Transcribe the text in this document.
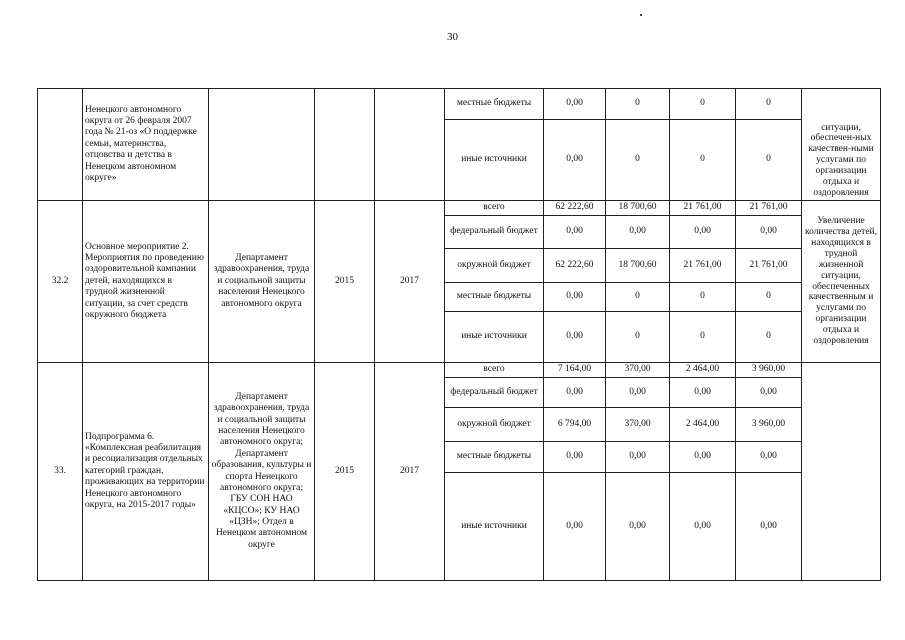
30
	Ненецкого автономного округа от 26 февраля 2007 года № 21-оз «О поддержке семьи, материнства, отцовства и детства в Ненецком автономном округе»				местные бюджеты	0,00	0	0	0	ситуации, обеспечен-ных качествен-ными услугами по организации отдыха и оздоровления
					иные источники	0,00	0	0	0	
32.2	Основное мероприятие 2. Мероприятия по проведению оздоровительной кампании детей, находящихся в трудной жизненной ситуации, за счет средств окружного бюджета	Департамент здравоохранения, труда и социальной защиты населения Ненецкого автономного округа	2015	2017	всего	62 222,60	18 700,60	21 761,00	21 761,00	Увеличение количества детей, находящихся в трудной жизненной ситуации, обеспеченных качественным и услугами по организации отдыха и оздоровления
					федеральный бюджет	0,00	0,00	0,00	0,00	
					окружной бюджет	62 222,60	18 700,60	21 761,00	21 761,00	
					местные бюджеты	0,00	0	0	0	
					иные источники	0,00	0	0	0	
33.	Подпрограмма 6. «Комплексная реабилитация и ресоциализация отдельных категорий граждан, проживающих на территории Ненецкого автономного округа, на 2015-2017 годы»	Департамент здравоохранения, труда и социальной защиты населения Ненецкого автономного округа; Департамент образования, культуры и спорта Ненецкого автономного округа; ГБУ СОН НАО «КЦСО»; КУ НАО «ЦЗН»; Отдел в Ненецком автономном округе	2015	2017	всего	7 164,00	370,00	2 464,00	3 960,00	
					федеральный бюджет	0,00	0,00	0,00	0,00	
					окружной бюджет	6 794,00	370,00	2 464,00	3 960,00	
					местные бюджеты	0,00	0,00	0,00	0,00	
					иные источники	0,00	0,00	0,00	0,00	
